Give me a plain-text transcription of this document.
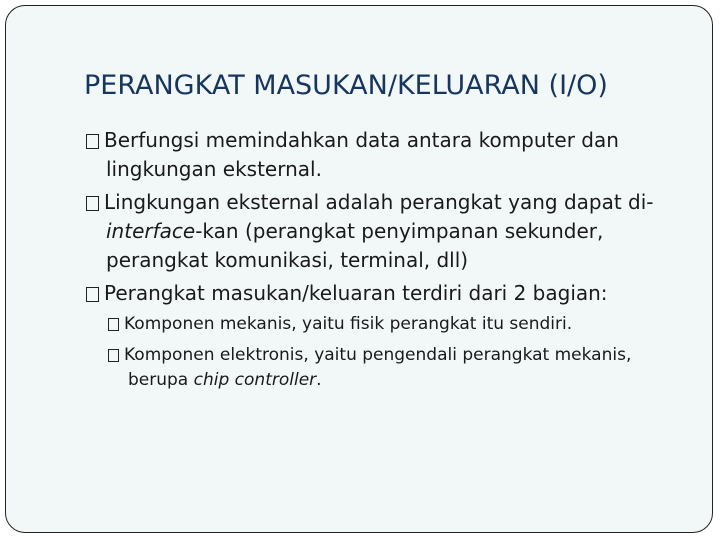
PERANGKAT MASUKAN/KELUARAN (I/O)
Berfungsi memindahkan data antara komputer dan lingkungan eksternal.
Lingkungan eksternal adalah perangkat yang dapat di-interface-kan (perangkat penyimpanan sekunder, perangkat komunikasi, terminal, dll)
Perangkat masukan/keluaran terdiri dari 2 bagian:
Komponen mekanis, yaitu fisik perangkat itu sendiri.
Komponen elektronis, yaitu pengendali perangkat mekanis, berupa chip controller.
